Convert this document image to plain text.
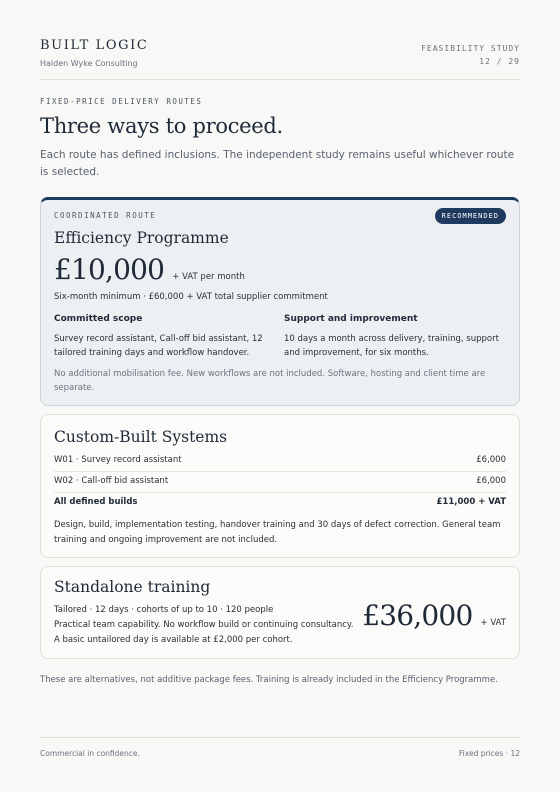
BUILT LOGIC
Halden Wyke Consulting
FEASIBILITY STUDY
12 / 29
FIXED-PRICE DELIVERY ROUTES
Three ways to proceed.
Each route has defined inclusions. The independent study remains useful whichever route is selected.
COORDINATED ROUTE	RECOMMENDED
Efficiency Programme
£10,000 + VAT per month
Six-month minimum · £60,000 + VAT total supplier commitment
Committed scope
Survey record assistant, Call-off bid assistant, 12 tailored training days and workflow handover.
Support and improvement
10 days a month across delivery, training, support and improvement, for six months.
No additional mobilisation fee. New workflows are not included. Software, hosting and client time are separate.
Custom-Built Systems
W01 · Survey record assistant	£6,000
W02 · Call-off bid assistant	£6,000
All defined builds	£11,000 + VAT
Design, build, implementation testing, handover training and 30 days of defect correction. General team training and ongoing improvement are not included.
Standalone training
Tailored · 12 days · cohorts of up to 10 · 120 people
Practical team capability. No workflow build or continuing consultancy.
A basic untailored day is available at £2,000 per cohort.
£36,000 + VAT
These are alternatives, not additive package fees. Training is already included in the Efficiency Programme.
Commercial in confidence.	Fixed prices · 12
